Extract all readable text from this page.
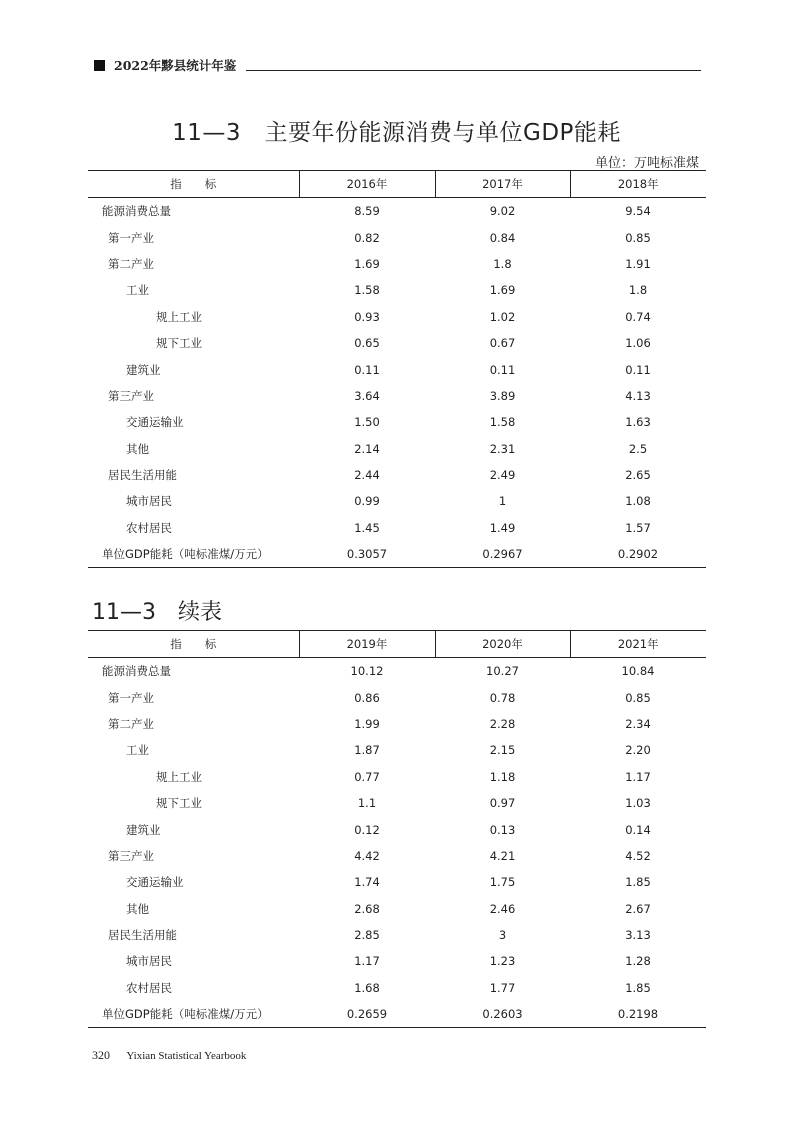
2022年黟县统计年鉴
11—3　主要年份能源消费与单位GDP能耗
单位：万吨标准煤
指　　标	2016年	2017年	2018年
能源消费总量	8.59	9.02	9.54
第一产业	0.82	0.84	0.85
第二产业	1.69	1.8	1.91
工业	1.58	1.69	1.8
规上工业	0.93	1.02	0.74
规下工业	0.65	0.67	1.06
建筑业	0.11	0.11	0.11
第三产业	3.64	3.89	4.13
交通运输业	1.50	1.58	1.63
其他	2.14	2.31	2.5
居民生活用能	2.44	2.49	2.65
城市居民	0.99	1	1.08
农村居民	1.45	1.49	1.57
单位GDP能耗（吨标准煤/万元）	0.3057	0.2967	0.2902
11—3　续表
指　　标	2019年	2020年	2021年
能源消费总量	10.12	10.27	10.84
第一产业	0.86	0.78	0.85
第二产业	1.99	2.28	2.34
工业	1.87	2.15	2.20
规上工业	0.77	1.18	1.17
规下工业	1.1	0.97	1.03
建筑业	0.12	0.13	0.14
第三产业	4.42	4.21	4.52
交通运输业	1.74	1.75	1.85
其他	2.68	2.46	2.67
居民生活用能	2.85	3	3.13
城市居民	1.17	1.23	1.28
农村居民	1.68	1.77	1.85
单位GDP能耗（吨标准煤/万元）	0.2659	0.2603	0.2198
320 Yixian Statistical Yearbook
